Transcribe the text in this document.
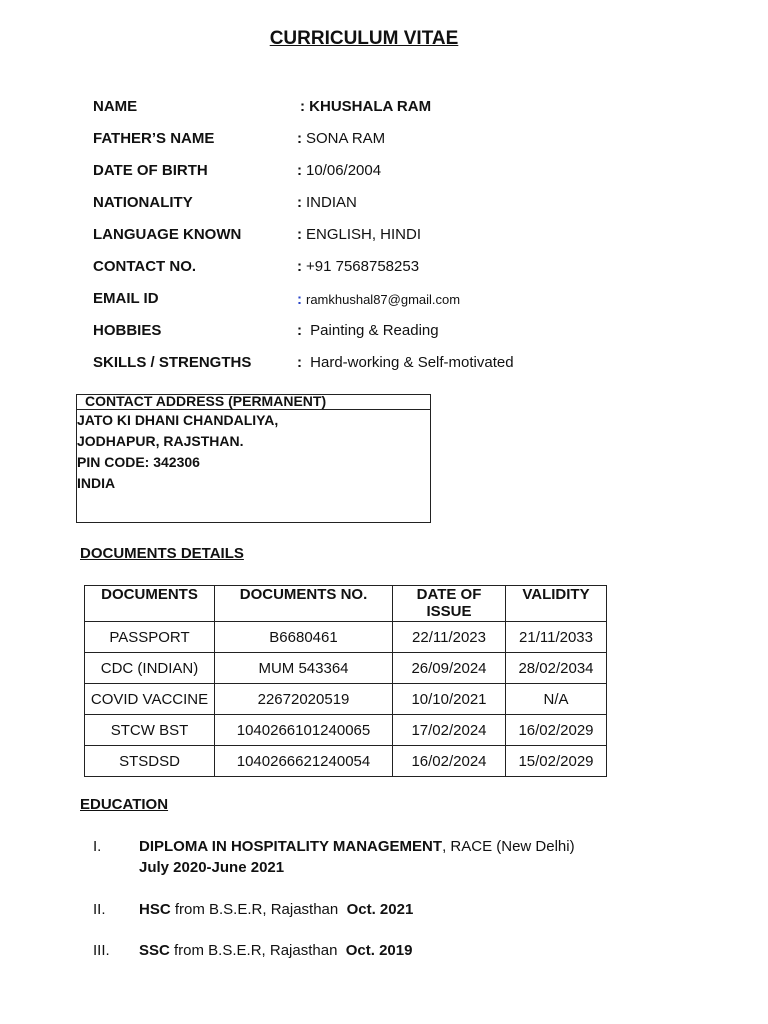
CURRICULUM VITAE
NAME	: KHUSHALA RAM
FATHER’S NAME	: SONA RAM
DATE OF BIRTH	: 10/06/2004
NATIONALITY	: INDIAN
LANGUAGE KNOWN	: ENGLISH, HINDI
CONTACT NO.	: +91 7568758253
EMAIL ID	: ramkhushal87@gmail.com
HOBBIES	: Painting & Reading
SKILLS / STRENGTHS	: Hard-working & Self-motivated
CONTACT ADDRESS (PERMANENT)
JATO KI DHANI CHANDALIYA,
JODHAPUR, RAJSTHAN.
PIN CODE: 342306
INDIA
DOCUMENTS DETAILS
DOCUMENTS	DOCUMENTS NO.	DATE OF ISSUE	VALIDITY
PASSPORT	B6680461	22/11/2023	21/11/2033
CDC (INDIAN)	MUM 543364	26/09/2024	28/02/2034
COVID VACCINE	22672020519	10/10/2021	N/A
STCW BST	1040266101240065	17/02/2024	16/02/2029
STSDSD	1040266621240054	16/02/2024	15/02/2029
EDUCATION
I.	DIPLOMA IN HOSPITALITY MANAGEMENT, RACE (New Delhi)
July 2020-June 2021
II. HSC from B.S.E.R, Rajasthan  Oct. 2021
III. SSC from B.S.E.R, Rajasthan  Oct. 2019
